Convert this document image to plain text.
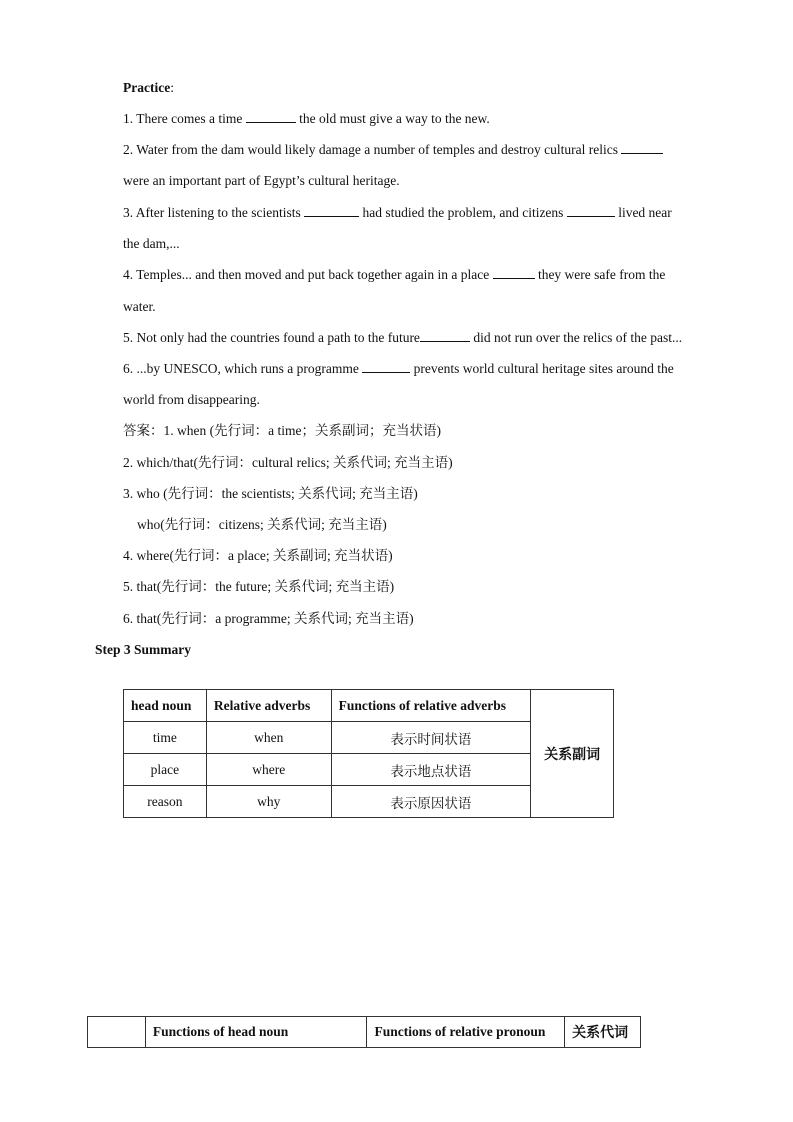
Practice:
1. There comes a time	the old must give a way to the new.
2. Water from the dam would likely damage a number of temples and destroy cultural relics
were an important part of Egypt’s cultural heritage.
3. After listening to the scientists	had studied the problem, and citizens	lived near
the dam,...
4. Temples... and then moved and put back together again in a place	they were safe from the
water.
5. Not only had the countries found a path to the future	did not run over the relics of the past...
6. ...by UNESCO, which runs a programme	prevents world cultural heritage sites around the
world from disappearing.
答案：1. when (先行词：a time；关系副词；充当状语)
2. which/that(先行词：cultural relics; 关系代词; 充当主语)
3. who (先行词：the scientists; 关系代词; 充当主语)
who(先行词：citizens; 关系代词; 充当主语)
4. where(先行词：a place; 关系副词; 充当状语)
5. that(先行词：the future; 关系代词; 充当主语)
6. that(先行词：a programme; 关系代词; 充当主语)
Step 3 Summary
head noun	Relative adverbs	Functions of relative adverbs	关系副词
time	when	表示时间状语	
place	where	表示地点状语	
reason	why	表示原因状语	
	Functions of head noun	Functions of relative pronoun	关系代词
